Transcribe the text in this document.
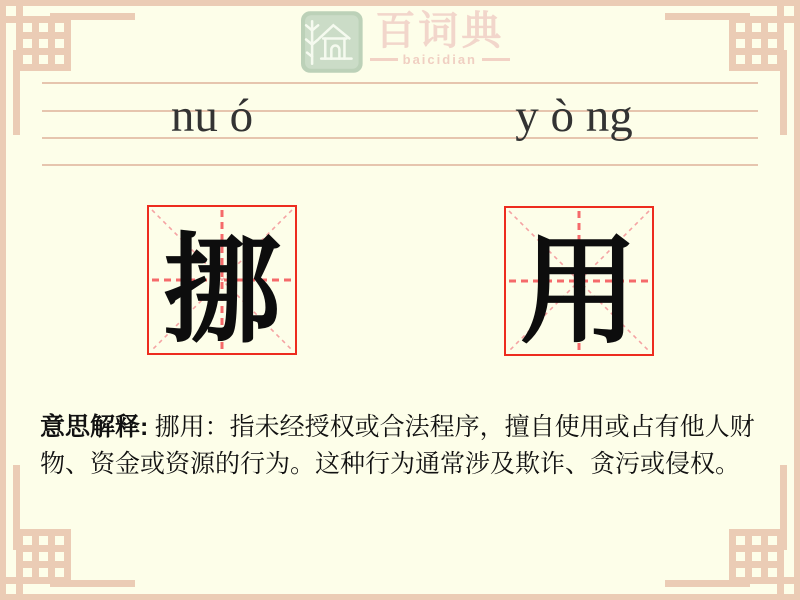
百词典
baicidian
nu ó	y ò ng
挪 用
意思解释: 挪用：指未经授权或合法程序，擅自使用或占有他人财物、资金或资源的行为。这种行为通常涉及欺诈、贪污或侵权。
